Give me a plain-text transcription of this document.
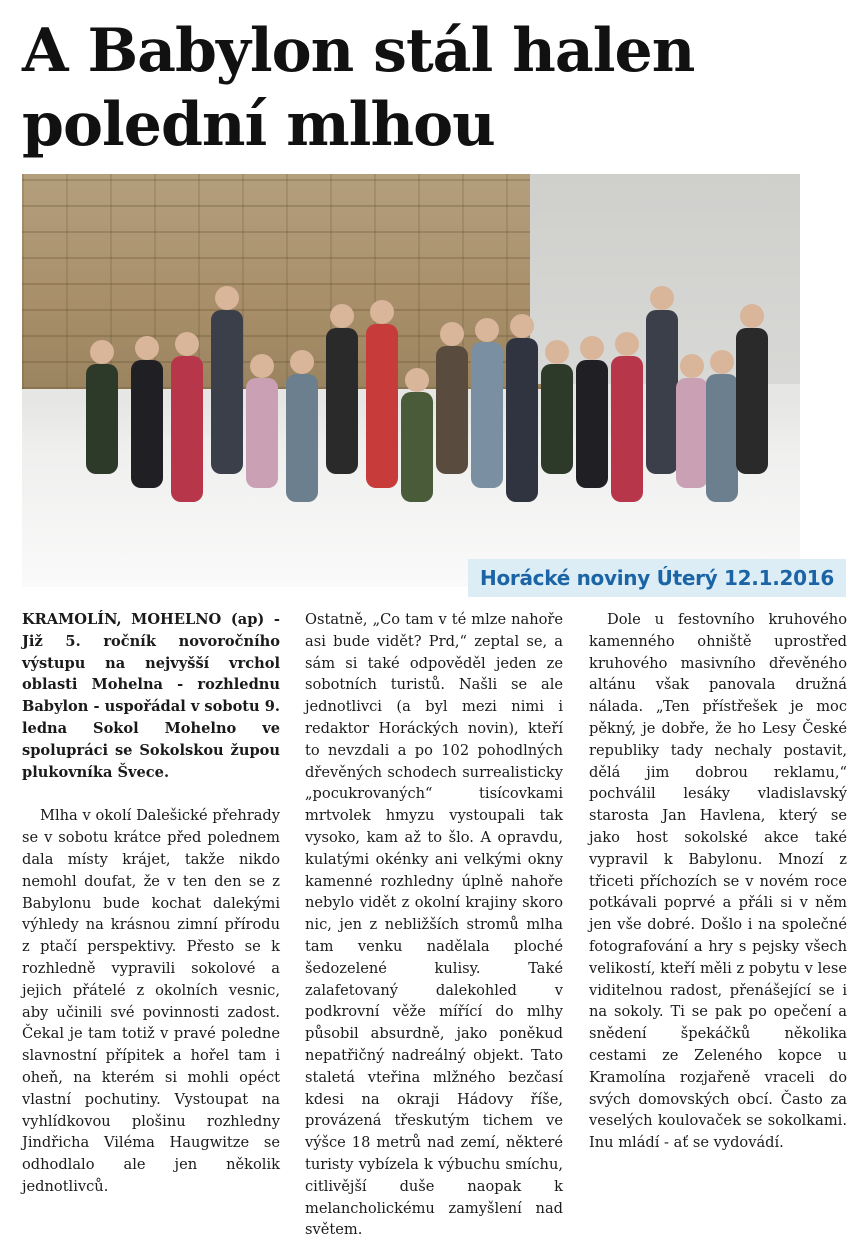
A Babylon stál halen polední mlhou
Horácké noviny Úterý 12.1.2016

KRAMOLÍN, MOHELNO (ap) - Již 5. ročník novoročního výstupu na nejvyšší vrchol oblasti Mohelna - rozhlednu Babylon - uspořádal v sobotu 9. ledna Sokol Mohelno ve spolupráci se Sokolskou župou plukovníka Švece.

Mlha v okolí Dalešické přehrady se v sobotu krátce před polednem dala místy krájet, takže nikdo nemohl doufat, že v ten den se z Babylonu bude kochat dalekými výhledy na krásnou zimní přírodu z ptačí perspektivy. Přesto se k rozhledně vypravili sokolové a jejich přátelé z okolních vesnic, aby učinili své povinnosti zadost. Čekal je tam totiž v pravé poledne slavnostní přípitek a hořel tam i oheň, na kterém si mohli opéct vlastní pochutiny. Vystoupat na vyhlídkovou plošinu rozhledny Jindřicha Viléma Haugwitze se odhodlalo ale jen několik jednotlivců.

Ostatně, „Co tam v té mlze nahoře asi bude vidět? Prd,“ zeptal se, a sám si také odpověděl jeden ze sobotních turistů. Našli se ale jednotlivci (a byl mezi nimi i redaktor Horáckých novin), kteří to nevzdali a po 102 pohodlných dřevěných schodech surrealisticky „pocukrovaných“ tisícovkami mrtvolek hmyzu vystoupali tak vysoko, kam až to šlo. A opravdu, kulatými okénky ani velkými okny kamenné rozhledny úplně nahoře nebylo vidět z okolní krajiny skoro nic, jen z nebližších stromů mlha tam venku nadělala ploché šedozelené kulisy. Také zalafetovaný dalekohled v podkrovní věže mířící do mlhy působil absurdně, jako poněkud nepatřičný nadreálný objekt. Tato staletá vteřina mlžného bezčasí kdesi na okraji Hádovy říše, provázená třeskutým tichem ve výšce 18 metrů nad zemí, některé turisty vybízela k výbuchu smíchu, citlivější duše naopak k melancholickému zamyšlení nad světem.

Dole u festovního kruhového kamenného ohniště uprostřed kruhového masivního dřevěného altánu však panovala družná nálada. „Ten přístřešek je moc pěkný, je dobře, že ho Lesy České republiky tady nechaly postavit, dělá jim dobrou reklamu,“ pochválil lesáky vladislavský starosta Jan Havlena, který se jako host sokolské akce také vypravil k Babylonu. Mnozí z třiceti příchozích se v novém roce potkávali poprvé a přáli si v něm jen vše dobré. Došlo i na společné fotografování a hry s pejsky všech velikostí, kteří měli z pobytu v lese viditelnou radost, přenášející se i na sokoly. Ti se pak po opečení a snědení špekáčků několika cestami ze Zeleného kopce u Kramolína rozjařeně vraceli do svých domovských obcí. Často za veselých koulovaček se sokolkami. Inu mládí - ať se vydovádí.
